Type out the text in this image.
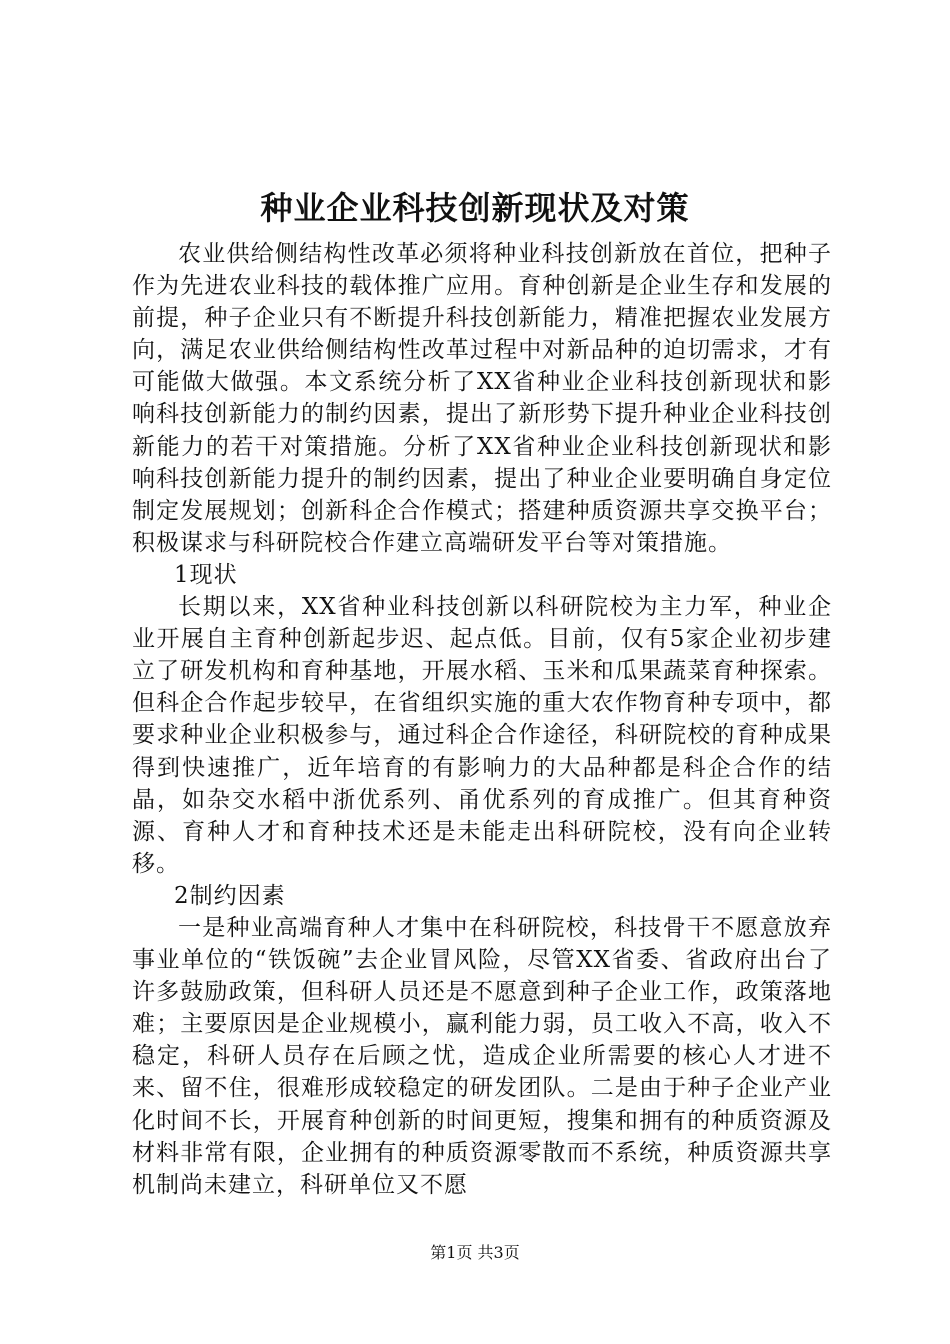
种业企业科技创新现状及对策

农业供给侧结构性改革必须将种业科技创新放在首位，把种子作为先进农业科技的载体推广应用。育种创新是企业生存和发展的前提，种子企业只有不断提升科技创新能力，精准把握农业发展方向，满足农业供给侧结构性改革过程中对新品种的迫切需求，才有可能做大做强。本文系统分析了XX省种业企业科技创新现状和影响科技创新能力的制约因素，提出了新形势下提升种业企业科技创新能力的若干对策措施。分析了XX省种业企业科技创新现状和影响科技创新能力提升的制约因素，提出了种业企业要明确自身定位制定发展规划；创新科企合作模式；搭建种质资源共享交换平台；积极谋求与科研院校合作建立高端研发平台等对策措施。

1现状

长期以来，XX省种业科技创新以科研院校为主力军，种业企业开展自主育种创新起步迟、起点低。目前，仅有5家企业初步建立了研发机构和育种基地，开展水稻、玉米和瓜果蔬菜育种探索。但科企合作起步较早，在省组织实施的重大农作物育种专项中，都要求种业企业积极参与，通过科企合作途径，科研院校的育种成果得到快速推广，近年培育的有影响力的大品种都是科企合作的结晶，如杂交水稻中浙优系列、甬优系列的育成推广。但其育种资源、育种人才和育种技术还是未能走出科研院校，没有向企业转移。

2制约因素

一是种业高端育种人才集中在科研院校，科技骨干不愿意放弃事业单位的“铁饭碗”去企业冒风险，尽管XX省委、省政府出台了许多鼓励政策，但科研人员还是不愿意到种子企业工作，政策落地难；主要原因是企业规模小，赢利能力弱，员工收入不高，收入不稳定，科研人员存在后顾之忧，造成企业所需要的核心人才进不来、留不住，很难形成较稳定的研发团队。二是由于种子企业产业化时间不长，开展育种创新的时间更短，搜集和拥有的种质资源及材料非常有限，企业拥有的种质资源零散而不系统，种质资源共享机制尚未建立，科研单位又不愿

第1页 共3页
